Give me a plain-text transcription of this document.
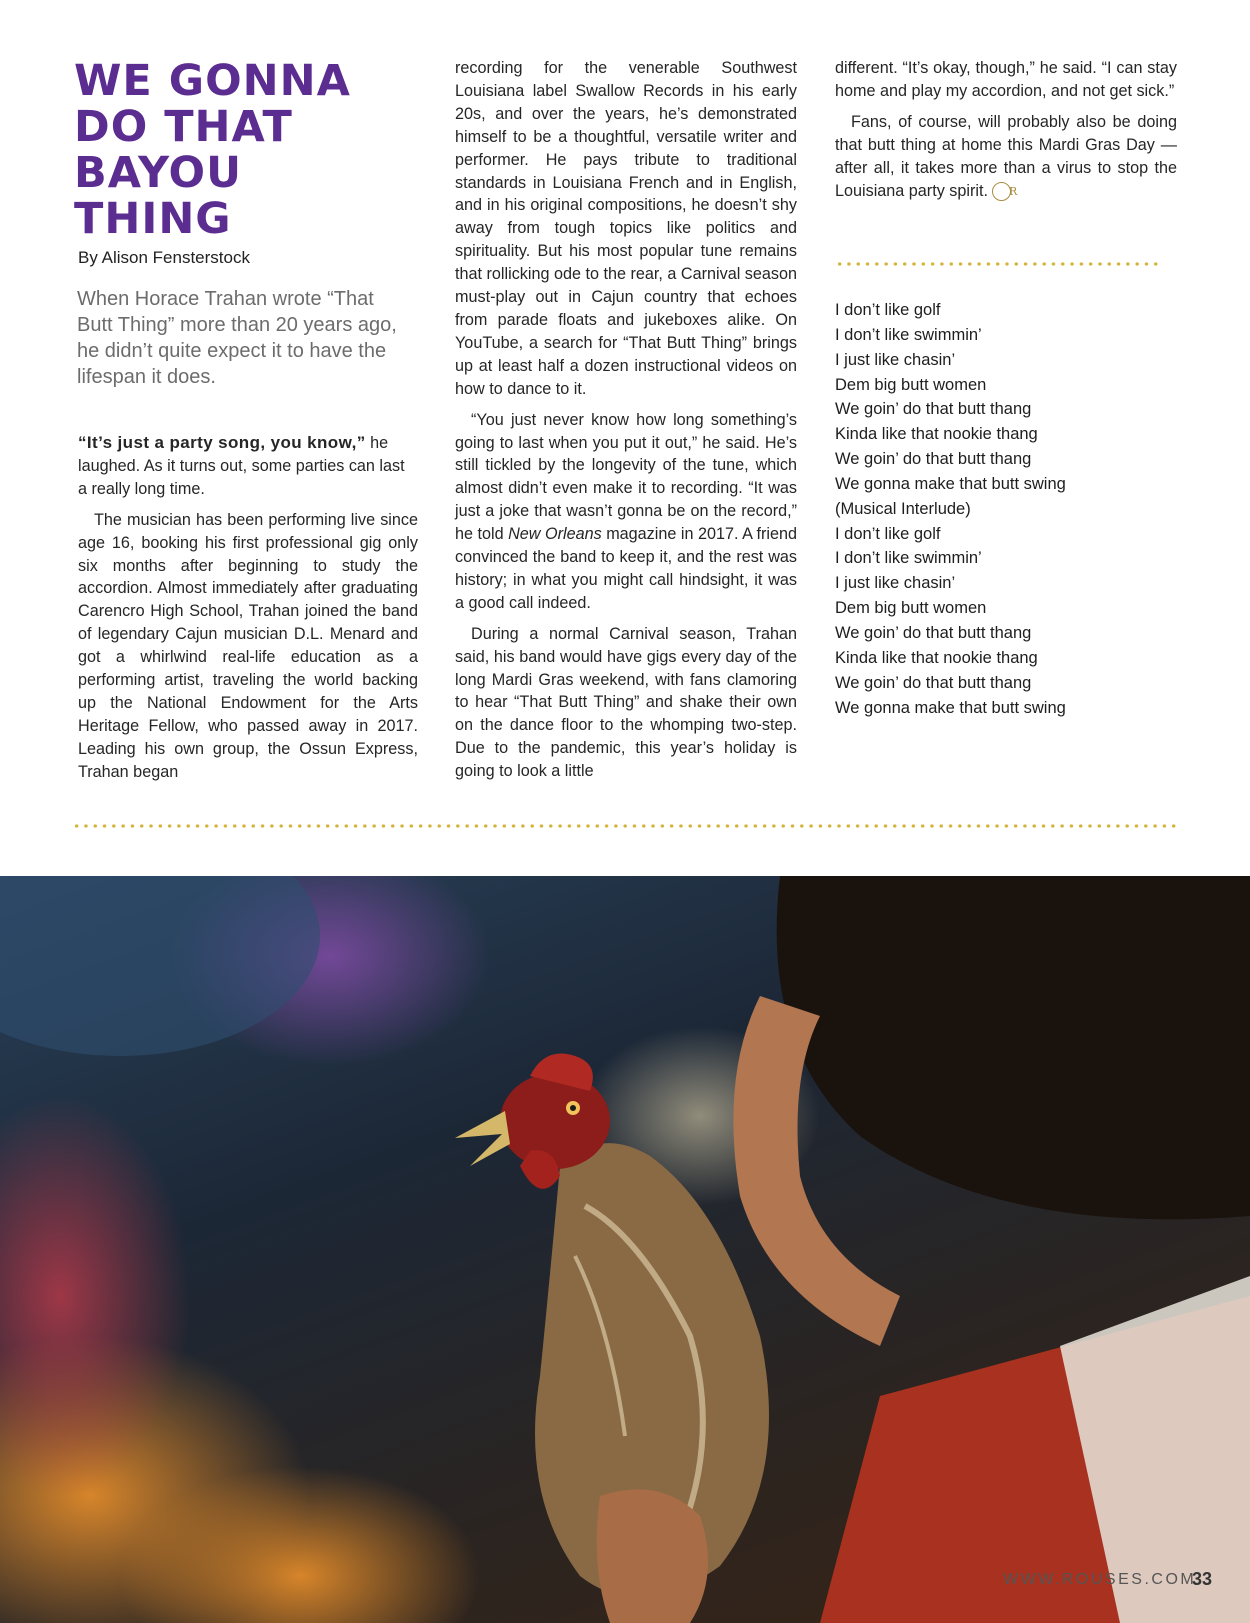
WE GONNA DO THAT BAYOU THING
By Alison Fensterstock
When Horace Trahan wrote “That Butt Thing” more than 20 years ago, he didn’t quite expect it to have the lifespan it does.

“It’s just a party song, you know,” he laughed. As it turns out, some parties can last a really long time.

The musician has been performing live since age 16, booking his first professional gig only six months after beginning to study the accordion. Almost immediately after graduating Carencro High School, Trahan joined the band of legendary Cajun musician D.L. Menard and got a whirlwind real-life education as a performing artist, traveling the world backing up the National Endowment for the Arts Heritage Fellow, who passed away in 2017. Leading his own group, the Ossun Express, Trahan began

recording for the venerable Southwest Louisiana label Swallow Records in his early 20s, and over the years, he’s demonstrated himself to be a thoughtful, versatile writer and performer. He pays tribute to traditional standards in Louisiana French and in English, and in his original compositions, he doesn’t shy away from tough topics like politics and spirituality. But his most popular tune remains that rollicking ode to the rear, a Carnival season must-play out in Cajun country that echoes from parade floats and jukeboxes alike. On YouTube, a search for “That Butt Thing” brings up at least half a dozen instructional videos on how to dance to it.

“You just never know how long something’s going to last when you put it out,” he said. He’s still tickled by the longevity of the tune, which almost didn’t even make it to recording. “It was just a joke that wasn’t gonna be on the record,” he told New Orleans magazine in 2017. A friend convinced the band to keep it, and the rest was history; in what you might call hindsight, it was a good call indeed.

During a normal Carnival season, Trahan said, his band would have gigs every day of the long Mardi Gras weekend, with fans clamoring to hear “That Butt Thing” and shake their own on the dance floor to the whomping two-step. Due to the pandemic, this year’s holiday is going to look a little

different. “It’s okay, though,” he said. “I can stay home and play my accordion, and not get sick.”

Fans, of course, will probably also be doing that butt thing at home this Mardi Gras Day — after all, it takes more than a virus to stop the Louisiana party spirit. R

I don’t like golf
I don’t like swimmin’
I just like chasin’
Dem big butt women
We goin’ do that butt thang
Kinda like that nookie thang
We goin’ do that butt thang
We gonna make that butt swing
(Musical Interlude)
I don’t like golf
I don’t like swimmin’
I just like chasin’
Dem big butt women
We goin’ do that butt thang
Kinda like that nookie thang
We goin’ do that butt thang
We gonna make that butt swing
WWW.ROUSES.COM
33
